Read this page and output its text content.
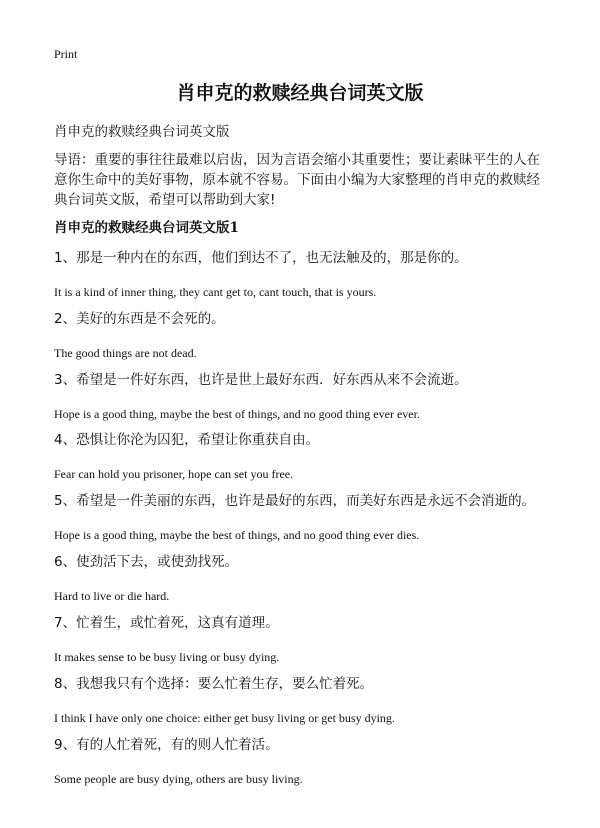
Print
肖申克的救赎经典台词英文版
肖申克的救赎经典台词英文版
导语：重要的事往往最难以启齿，因为言语会缩小其重要性；要让素昧平生的人在意你生命中的美好事物，原本就不容易。下面由小编为大家整理的肖申克的救赎经典台词英文版，希望可以帮助到大家!
肖申克的救赎经典台词英文版1
1、那是一种内在的东西，他们到达不了，也无法触及的，那是你的。
It is a kind of inner thing, they cant get to, cant touch, that is yours.
2、美好的东西是不会死的。
The good things are not dead.
3、希望是一件好东西，也许是世上最好东西．好东西从来不会流逝。
Hope is a good thing, maybe the best of things, and no good thing ever ever.
4、恐惧让你沦为囚犯，希望让你重获自由。
Fear can hold you prisoner, hope can set you free.
5、希望是一件美丽的东西，也许是最好的东西，而美好东西是永远不会消逝的。
Hope is a good thing, maybe the best of things, and no good thing ever dies.
6、使劲活下去，或使劲找死。
Hard to live or die hard.
7、忙着生，或忙着死，这真有道理。
It makes sense to be busy living or busy dying.
8、我想我只有个选择：要么忙着生存，要么忙着死。
I think I have only one choice: either get busy living or get busy dying.
9、有的人忙着死，有的则人忙着活。
Some people are busy dying, others are busy living.
